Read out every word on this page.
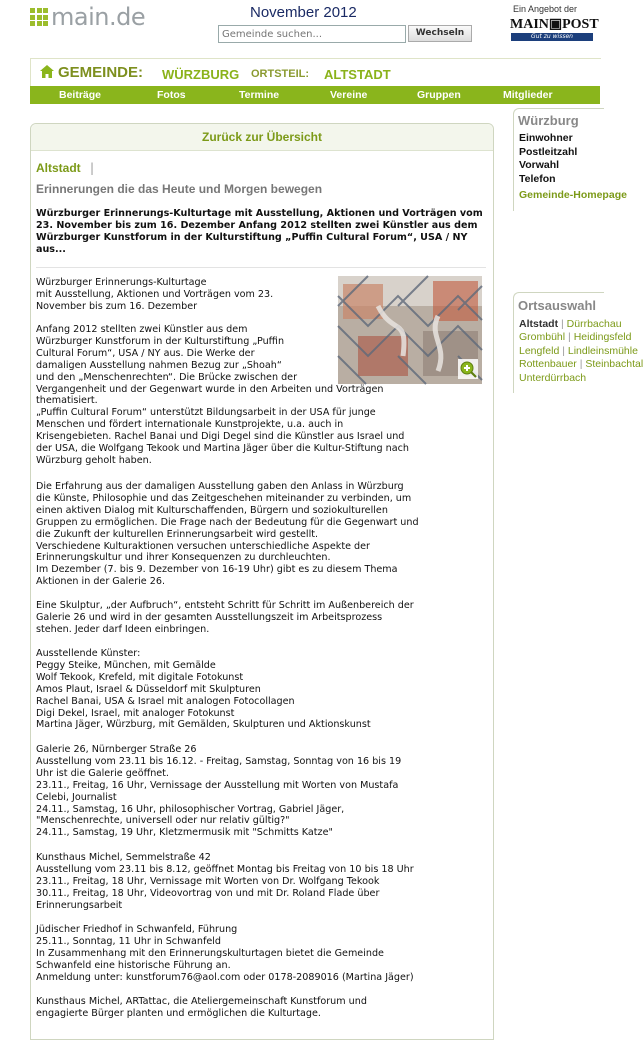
main.de	November 2012
Gemeinde suchen...
Wechseln
Ein Angebot der
MAIN▣POST
Gut zu wissen
GEMEINDE: WÜRZBURG ORTSTEIL: ALTSTADT
Beiträge	Fotos	Termine	Vereine	Gruppen	Mitglieder
Zurück zur Übersicht
Altstadt |
Erinnerungen die das Heute und Morgen bewegen
Würzburger Erinnerungs-Kulturtage mit Ausstellung, Aktionen und Vorträgen vom 23. November bis zum 16. Dezember Anfang 2012 stellten zwei Künstler aus dem Würzburger Kunstforum in der Kulturstiftung „Puffin Cultural Forum“, USA / NY aus...
Würzburger Erinnerungs-Kulturtage
mit Ausstellung, Aktionen und Vorträgen vom 23.
November bis zum 16. Dezember
Anfang 2012 stellten zwei Künstler aus dem
Würzburger Kunstforum in der Kulturstiftung „Puffin
Cultural Forum“, USA / NY aus. Die Werke der
damaligen Ausstellung nahmen Bezug zur „Shoah“
und den „Menschenrechten“. Die Brücke zwischen der
Vergangenheit und der Gegenwart wurde in den Arbeiten und Vorträgen
thematisiert.
„Puffin Cultural Forum“ unterstützt Bildungsarbeit in der USA für junge
Menschen und fördert internationale Kunstprojekte, u.a. auch in
Krisengebieten. Rachel Banai und Digi Degel sind die Künstler aus Israel und
der USA, die Wolfgang Tekook und Martina Jäger über die Kultur-Stiftung nach
Würzburg geholt haben.
Die Erfahrung aus der damaligen Ausstellung gaben den Anlass in Würzburg
die Künste, Philosophie und das Zeitgeschehen miteinander zu verbinden, um
einen aktiven Dialog mit Kulturschaffenden, Bürgern und soziokulturellen
Gruppen zu ermöglichen. Die Frage nach der Bedeutung für die Gegenwart und
die Zukunft der kulturellen Erinnerungsarbeit wird gestellt.
Verschiedene Kulturaktionen versuchen unterschiedliche Aspekte der
Erinnerungskultur und ihrer Konsequenzen zu durchleuchten.
Im Dezember (7. bis 9. Dezember von 16-19 Uhr) gibt es zu diesem Thema
Aktionen in der Galerie 26.
Eine Skulptur, „der Aufbruch“, entsteht Schritt für Schritt im Außenbereich der
Galerie 26 und wird in der gesamten Ausstellungszeit im Arbeitsprozess
stehen. Jeder darf Ideen einbringen.
Ausstellende Künster:
Peggy Steike, München, mit Gemälde
Wolf Tekook, Krefeld, mit digitale Fotokunst
Amos Plaut, Israel & Düsseldorf mit Skulpturen
Rachel Banai, USA & Israel mit analogen Fotocollagen
Digi Dekel, Israel, mit analoger Fotokunst
Martina Jäger, Würzburg, mit Gemälden, Skulpturen und Aktionskunst
Galerie 26, Nürnberger Straße 26
Ausstellung vom 23.11 bis 16.12. - Freitag, Samstag, Sonntag von 16 bis 19
Uhr ist die Galerie geöffnet.
23.11., Freitag, 16 Uhr, Vernissage der Ausstellung mit Worten von Mustafa
Celebi, Journalist
24.11., Samstag, 16 Uhr, philosophischer Vortrag, Gabriel Jäger,
"Menschenrechte, universell oder nur relativ gültig?"
24.11., Samstag, 19 Uhr, Kletzmermusik mit "Schmitts Katze"
Kunsthaus Michel, Semmelstraße 42
Ausstellung vom 23.11 bis 8.12, geöffnet Montag bis Freitag von 10 bis 18 Uhr
23.11., Freitag, 18 Uhr, Vernissage mit Worten von Dr. Wolfgang Tekook
30.11., Freitag, 18 Uhr, Videovortrag von und mit Dr. Roland Flade über
Erinnerungsarbeit
Jüdischer Friedhof in Schwanfeld, Führung
25.11., Sonntag, 11 Uhr in Schwanfeld
In Zusammenhang mit den Erinnerungskulturtagen bietet die Gemeinde
Schwanfeld eine historische Führung an.
Anmeldung unter: kunstforum76@aol.com oder 0178-2089016 (Martina Jäger)
Kunsthaus Michel, ARTattac, die Ateliergemeinschaft Kunstforum und
engagierte Bürger planten und ermöglichen die Kulturtage.
Würzburg
Einwohner
Postleitzahl
Vorwahl
Telefon
Gemeinde-Homepage
Ortsauswahl
Altstadt | Dürrbachau
Grombühl | Heidingsfeld
Lengfeld | Lindleinsmühle
Rottenbauer | Steinbachtal
Unterdürrbach
